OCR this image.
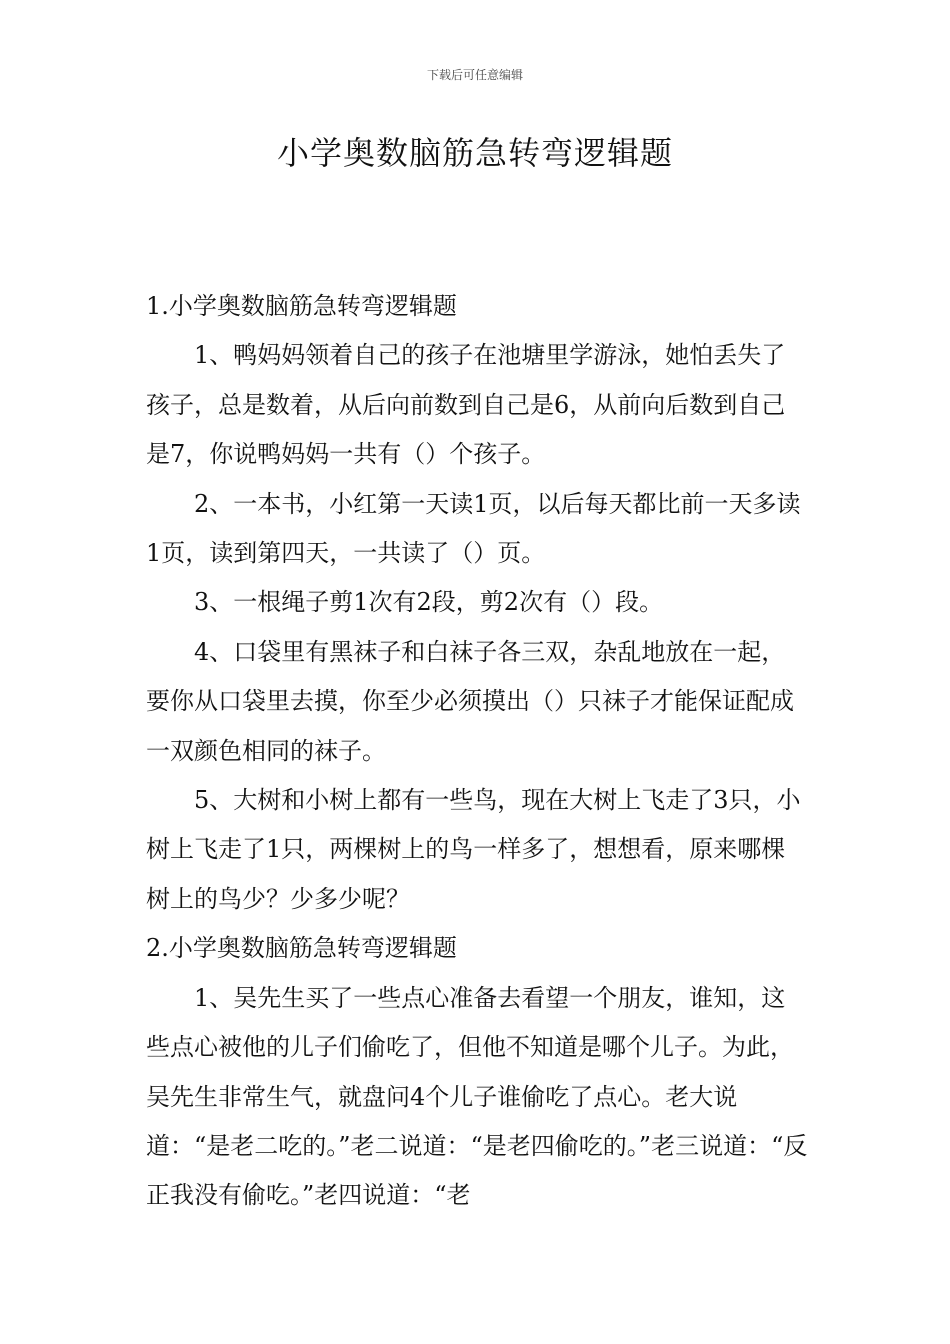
下载后可任意编辑
小学奥数脑筋急转弯逻辑题

1.小学奥数脑筋急转弯逻辑题

1、鸭妈妈领着自己的孩子在池塘里学游泳，她怕丢失了孩子，总是数着，从后向前数到自己是6，从前向后数到自己是7，你说鸭妈妈一共有（）个孩子。

2、一本书，小红第一天读1页，以后每天都比前一天多读1页，读到第四天，一共读了（）页。

3、一根绳子剪1次有2段，剪2次有（）段。

4、口袋里有黑袜子和白袜子各三双，杂乱地放在一起，要你从口袋里去摸，你至少必须摸出（）只袜子才能保证配成一双颜色相同的袜子。

5、大树和小树上都有一些鸟，现在大树上飞走了3只，小树上飞走了1只，两棵树上的鸟一样多了，想想看，原来哪棵树上的鸟少？少多少呢？

2.小学奥数脑筋急转弯逻辑题

1、吴先生买了一些点心准备去看望一个朋友，谁知，这些点心被他的儿子们偷吃了，但他不知道是哪个儿子。为此，吴先生非常生气，就盘问4个儿子谁偷吃了点心。老大说道：“是老二吃的。”老二说道：“是老四偷吃的。”老三说道：“反正我没有偷吃。”老四说道：“老
